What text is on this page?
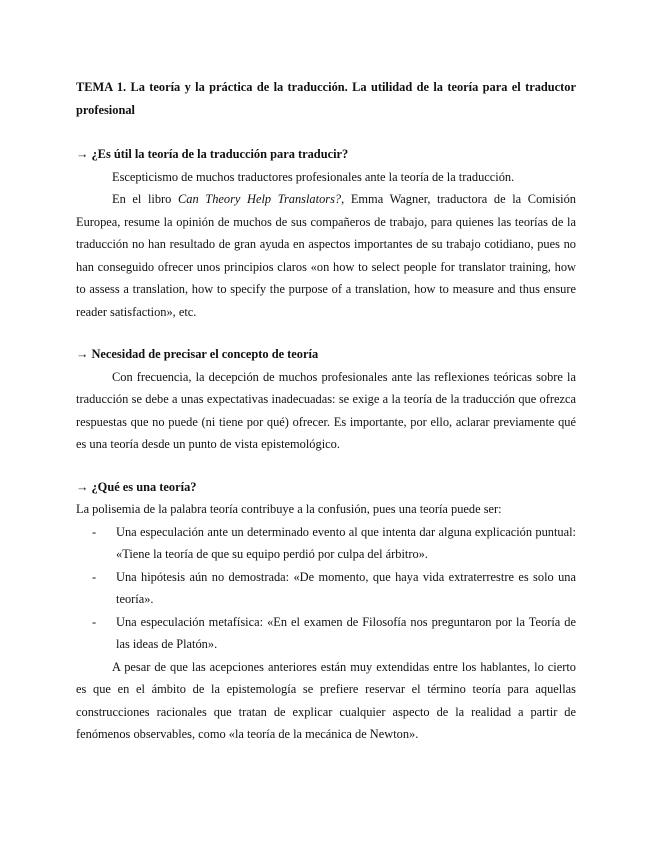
TEMA 1. La teoría y la práctica de la traducción. La utilidad de la teoría para el traductor profesional

→ ¿Es útil la teoría de la traducción para traducir?

Escepticismo de muchos traductores profesionales ante la teoría de la traducción.

En el libro Can Theory Help Translators?, Emma Wagner, traductora de la Comisión Europea, resume la opinión de muchos de sus compañeros de trabajo, para quienes las teorías de la traducción no han resultado de gran ayuda en aspectos importantes de su trabajo cotidiano, pues no han conseguido ofrecer unos principios claros «on how to select people for translator training, how to assess a translation, how to specify the purpose of a translation, how to measure and thus ensure reader satisfaction», etc.

→ Necesidad de precisar el concepto de teoría

Con frecuencia, la decepción de muchos profesionales ante las reflexiones teóricas sobre la traducción se debe a unas expectativas inadecuadas: se exige a la teoría de la traducción que ofrezca respuestas que no puede (ni tiene por qué) ofrecer. Es importante, por ello, aclarar previamente qué es una teoría desde un punto de vista epistemológico.

→ ¿Qué es una teoría?

La polisemia de la palabra teoría contribuye a la confusión, pues una teoría puede ser:

- Una especulación ante un determinado evento al que intenta dar alguna explicación puntual: «Tiene la teoría de que su equipo perdió por culpa del árbitro».
- Una hipótesis aún no demostrada: «De momento, que haya vida extraterrestre es solo una teoría».
- Una especulación metafísica: «En el examen de Filosofía nos preguntaron por la Teoría de las ideas de Platón».

A pesar de que las acepciones anteriores están muy extendidas entre los hablantes, lo cierto es que en el ámbito de la epistemología se prefiere reservar el término teoría para aquellas construcciones racionales que tratan de explicar cualquier aspecto de la realidad a partir de fenómenos observables, como «la teoría de la mecánica de Newton».
